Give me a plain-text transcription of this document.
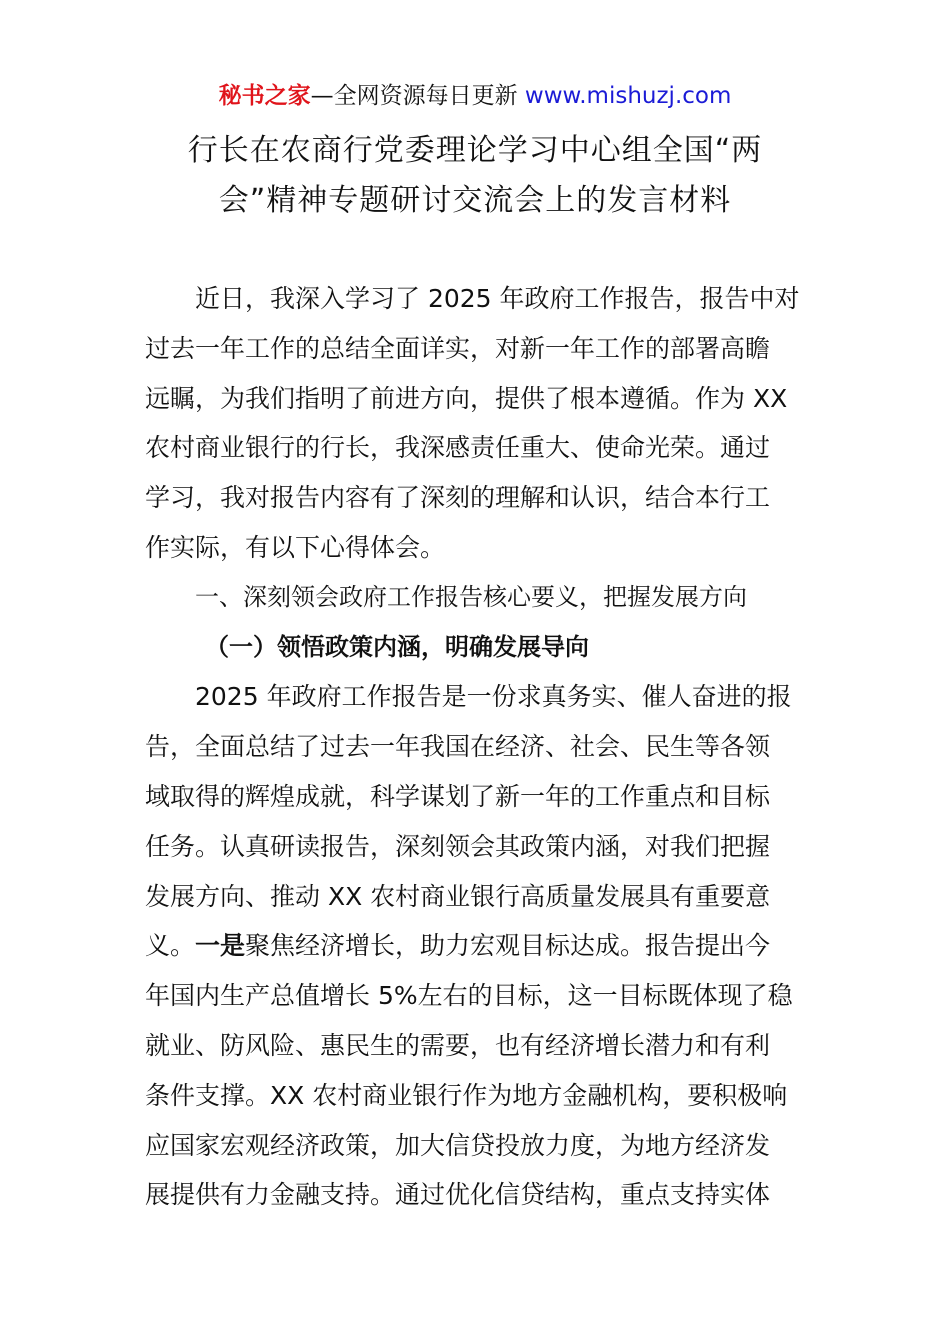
秘书之家—全网资源每日更新 www.mishuzj.com
行长在农商行党委理论学习中心组全国“两
会”精神专题研讨交流会上的发言材料

近日，我深入学习了 2025 年政府工作报告，报告中对
过去一年工作的总结全面详实，对新一年工作的部署高瞻
远瞩，为我们指明了前进方向，提供了根本遵循。作为 XX
农村商业银行的行长，我深感责任重大、使命光荣。通过
学习，我对报告内容有了深刻的理解和认识，结合本行工
作实际，有以下心得体会。

一、深刻领会政府工作报告核心要义，把握发展方向

（一）领悟政策内涵，明确发展导向

2025 年政府工作报告是一份求真务实、催人奋进的报
告，全面总结了过去一年我国在经济、社会、民生等各领
域取得的辉煌成就，科学谋划了新一年的工作重点和目标
任务。认真研读报告，深刻领会其政策内涵，对我们把握
发展方向、推动 XX 农村商业银行高质量发展具有重要意
义。一是聚焦经济增长，助力宏观目标达成。报告提出今
年国内生产总值增长 5%左右的目标，这一目标既体现了稳
就业、防风险、惠民生的需要，也有经济增长潜力和有利
条件支撑。XX 农村商业银行作为地方金融机构，要积极响
应国家宏观经济政策，加大信贷投放力度，为地方经济发
展提供有力金融支持。通过优化信贷结构，重点支持实体
